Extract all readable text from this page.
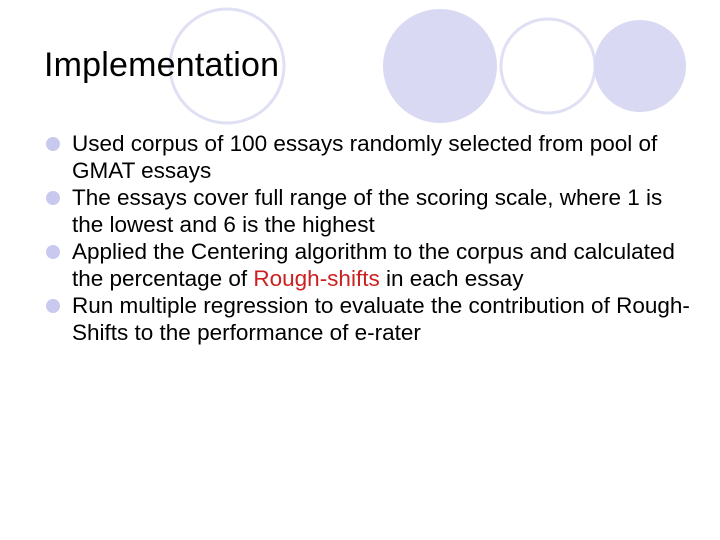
Implementation
Used corpus of 100 essays randomly selected from pool of GMAT essays
The essays cover full range of the scoring scale, where 1 is the lowest and 6 is the highest
Applied the Centering algorithm to the corpus and calculated the percentage of Rough-shifts in each essay
Run multiple regression to evaluate the contribution of Rough-Shifts to the performance of e-rater
